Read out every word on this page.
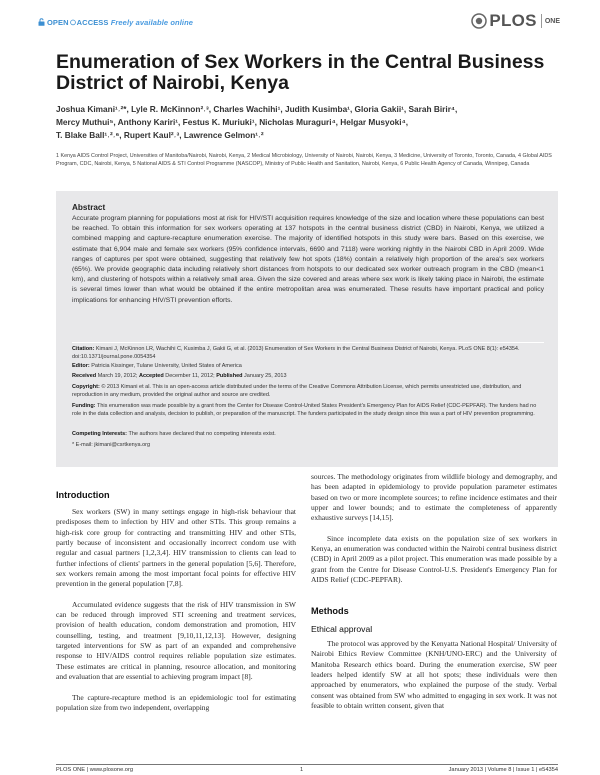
OPEN ACCESS Freely available online	PLOS ONE
Enumeration of Sex Workers in the Central Business District of Nairobi, Kenya
Joshua Kimani¹˒²*, Lyle R. McKinnon²˒³, Charles Wachihi¹, Judith Kusimba¹, Gloria Gakii¹, Sarah Birir⁴,
Mercy Muthui⁵, Anthony Kariri¹, Festus K. Muriuki¹, Nicholas Muraguri⁴, Helgar Musyoki⁴,
T. Blake Ball¹˒²˒⁶, Rupert Kaul²˒³, Lawrence Gelmon¹˒²
1 Kenya AIDS Control Project, Universities of Manitoba/Nairobi, Nairobi, Kenya, 2 Medical Microbiology, University of Nairobi, Nairobi, Kenya, 3 Medicine, University of Toronto, Toronto, Canada, 4 Global AIDS Program, CDC, Nairobi, Kenya, 5 National AIDS & STI Control Programme (NASCOP), Ministry of Public Health and Sanitation, Nairobi, Kenya, 6 Public Health Agency of Canada, Winnipeg, Canada
Abstract
Accurate program planning for populations most at risk for HIV/STI acquisition requires knowledge of the size and location where these populations can best be reached. To obtain this information for sex workers operating at 137 hotspots in the central business district (CBD) in Nairobi, Kenya, we utilized a combined mapping and capture-recapture enumeration exercise. The majority of identified hotspots in this study were bars. Based on this exercise, we estimate that 6,904 male and female sex workers (95% confidence intervals, 6690 and 7118) were working nightly in the Nairobi CBD in April 2009. Wide ranges of captures per spot were obtained, suggesting that relatively few hot spots (18%) contain a relatively high proportion of the area's sex workers (65%). We provide geographic data including relatively short distances from hotspots to our dedicated sex worker outreach program in the CBD (mean<1 km), and clustering of hotspots within a relatively small area. Given the size covered and areas where sex work is likely taking place in Nairobi, the estimate is several times lower than what would be obtained if the entire metropolitan area was enumerated. These results have important practical and policy implications for enhancing HIV/STI prevention efforts.
Citation: Kimani J, McKinnon LR, Wachihi C, Kusimba J, Gakii G, et al. (2013) Enumeration of Sex Workers in the Central Business District of Nairobi, Kenya. PLoS ONE 8(1): e54354. doi:10.1371/journal.pone.0054354
Editor: Patricia Kissinger, Tulane University, United States of America
Received March 19, 2012; Accepted December 11, 2012; Published January 25, 2013
Copyright: © 2013 Kimani et al. This is an open-access article distributed under the terms of the Creative Commons Attribution License, which permits unrestricted use, distribution, and reproduction in any medium, provided the original author and source are credited.
Funding: This enumeration was made possible by a grant from the Center for Disease Control-United States President's Emergency Plan for AIDS Relief (CDC-PEPFAR). The funders had no role in the data collection and analysis, decision to publish, or preparation of the manuscript. The funders participated in the study design since this was a part of HIV prevention programming.
Competing Interests: The authors have declared that no competing interests exist.
* E-mail: jkimani@csrtkenya.org
Introduction

Sex workers (SW) in many settings engage in high-risk behaviour that predisposes them to infection by HIV and other STIs. This group remains a high-risk core group for contracting and transmitting HIV and other STIs, partly because of inconsistent and occasionally incorrect condom use with regular and casual partners [1,2,3,4]. HIV transmission to clients can lead to further infections of clients' partners in the general population [5,6]. Therefore, sex workers remain among the most important focal points for effective HIV prevention in the general population [7,8].

Accumulated evidence suggests that the risk of HIV transmission in SW can be reduced through improved STI screening and treatment services, provision of health education, condom demonstration and promotion, HIV counselling, testing, and treatment [9,10,11,12,13]. However, designing targeted interventions for SW as part of an expanded and comprehensive response to HIV/AIDS control requires reliable population size estimates. These estimates are critical in planning, resource allocation, and monitoring and evaluation that are essential to achieving program impact [8].

The capture-recapture method is an epidemiologic tool for estimating population size from two independent, overlapping

sources. The methodology originates from wildlife biology and demography, and has been adapted in epidemiology to provide population parameter estimates based on two or more incomplete sources; to refine incidence estimates and their upper and lower bounds; and to estimate the completeness of apparently exhaustive surveys [14,15].

Since incomplete data exists on the population size of sex workers in Kenya, an enumeration was conducted within the Nairobi central business district (CBD) in April 2009 as a pilot project. This enumeration was made possible by a grant from the Centre for Disease Control-U.S. President's Emergency Plan for AIDS Relief (CDC-PEPFAR).

Methods
Ethical approval

The protocol was approved by the Kenyatta National Hospital/ University of Nairobi Ethics Review Committee (KNH/UNO-ERC) and the University of Manitoba Research ethics board. During the enumeration exercise, SW peer leaders helped identify SW at all hot spots; these individuals were then approached by enumerators, who explained the purpose of the study. Verbal consent was obtained from SW who admitted to engaging in sex work. It was not feasible to obtain written consent, given that

PLOS ONE | www.plosone.org	1	January 2013 | Volume 8 | Issue 1 | e54354
